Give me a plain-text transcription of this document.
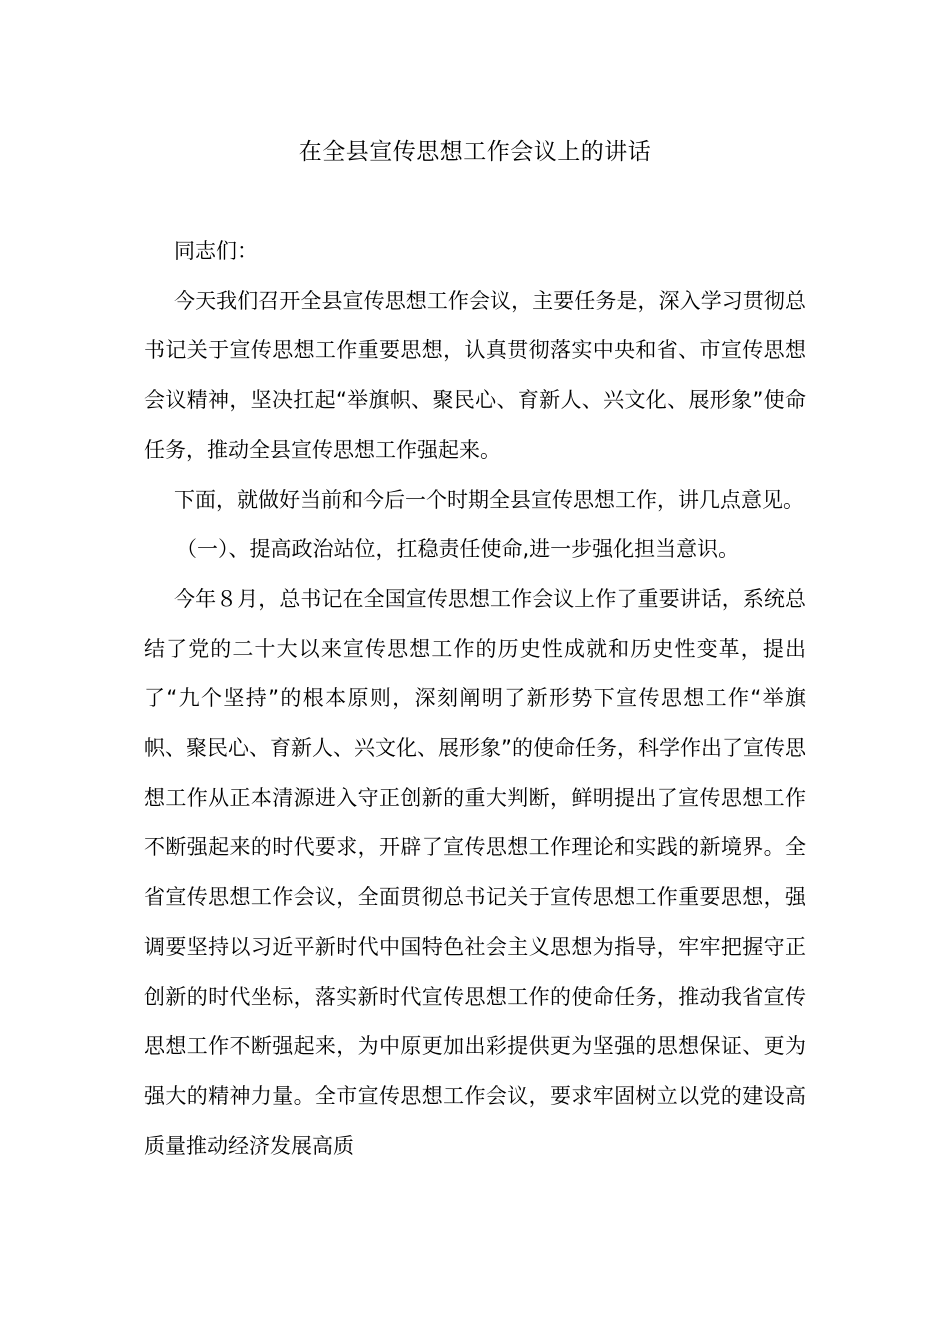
在全县宣传思想工作会议上的讲话

同志们：

今天我们召开全县宣传思想工作会议，主要任务是，深入学习贯彻总书记关于宣传思想工作重要思想，认真贯彻落实中央和省、市宣传思想会议精神，坚决扛起“举旗帜、聚民心、育新人、兴文化、展形象”使命任务，推动全县宣传思想工作强起来。

下面，就做好当前和今后一个时期全县宣传思想工作，讲几点意见。

（一）、提高政治站位，扛稳责任使命,进一步强化担当意识。

今年８月，总书记在全国宣传思想工作会议上作了重要讲话，系统总结了党的二十大以来宣传思想工作的历史性成就和历史性变革，提出了“九个坚持”的根本原则，深刻阐明了新形势下宣传思想工作“举旗帜、聚民心、育新人、兴文化、展形象”的使命任务，科学作出了宣传思想工作从正本清源进入守正创新的重大判断，鲜明提出了宣传思想工作不断强起来的时代要求，开辟了宣传思想工作理论和实践的新境界。全省宣传思想工作会议，全面贯彻总书记关于宣传思想工作重要思想，强调要坚持以习近平新时代中国特色社会主义思想为指导，牢牢把握守正创新的时代坐标，落实新时代宣传思想工作的使命任务，推动我省宣传思想工作不断强起来，为中原更加出彩提供更为坚强的思想保证、更为强大的精神力量。全市宣传思想工作会议，要求牢固树立以党的建设高质量推动经济发展高质
